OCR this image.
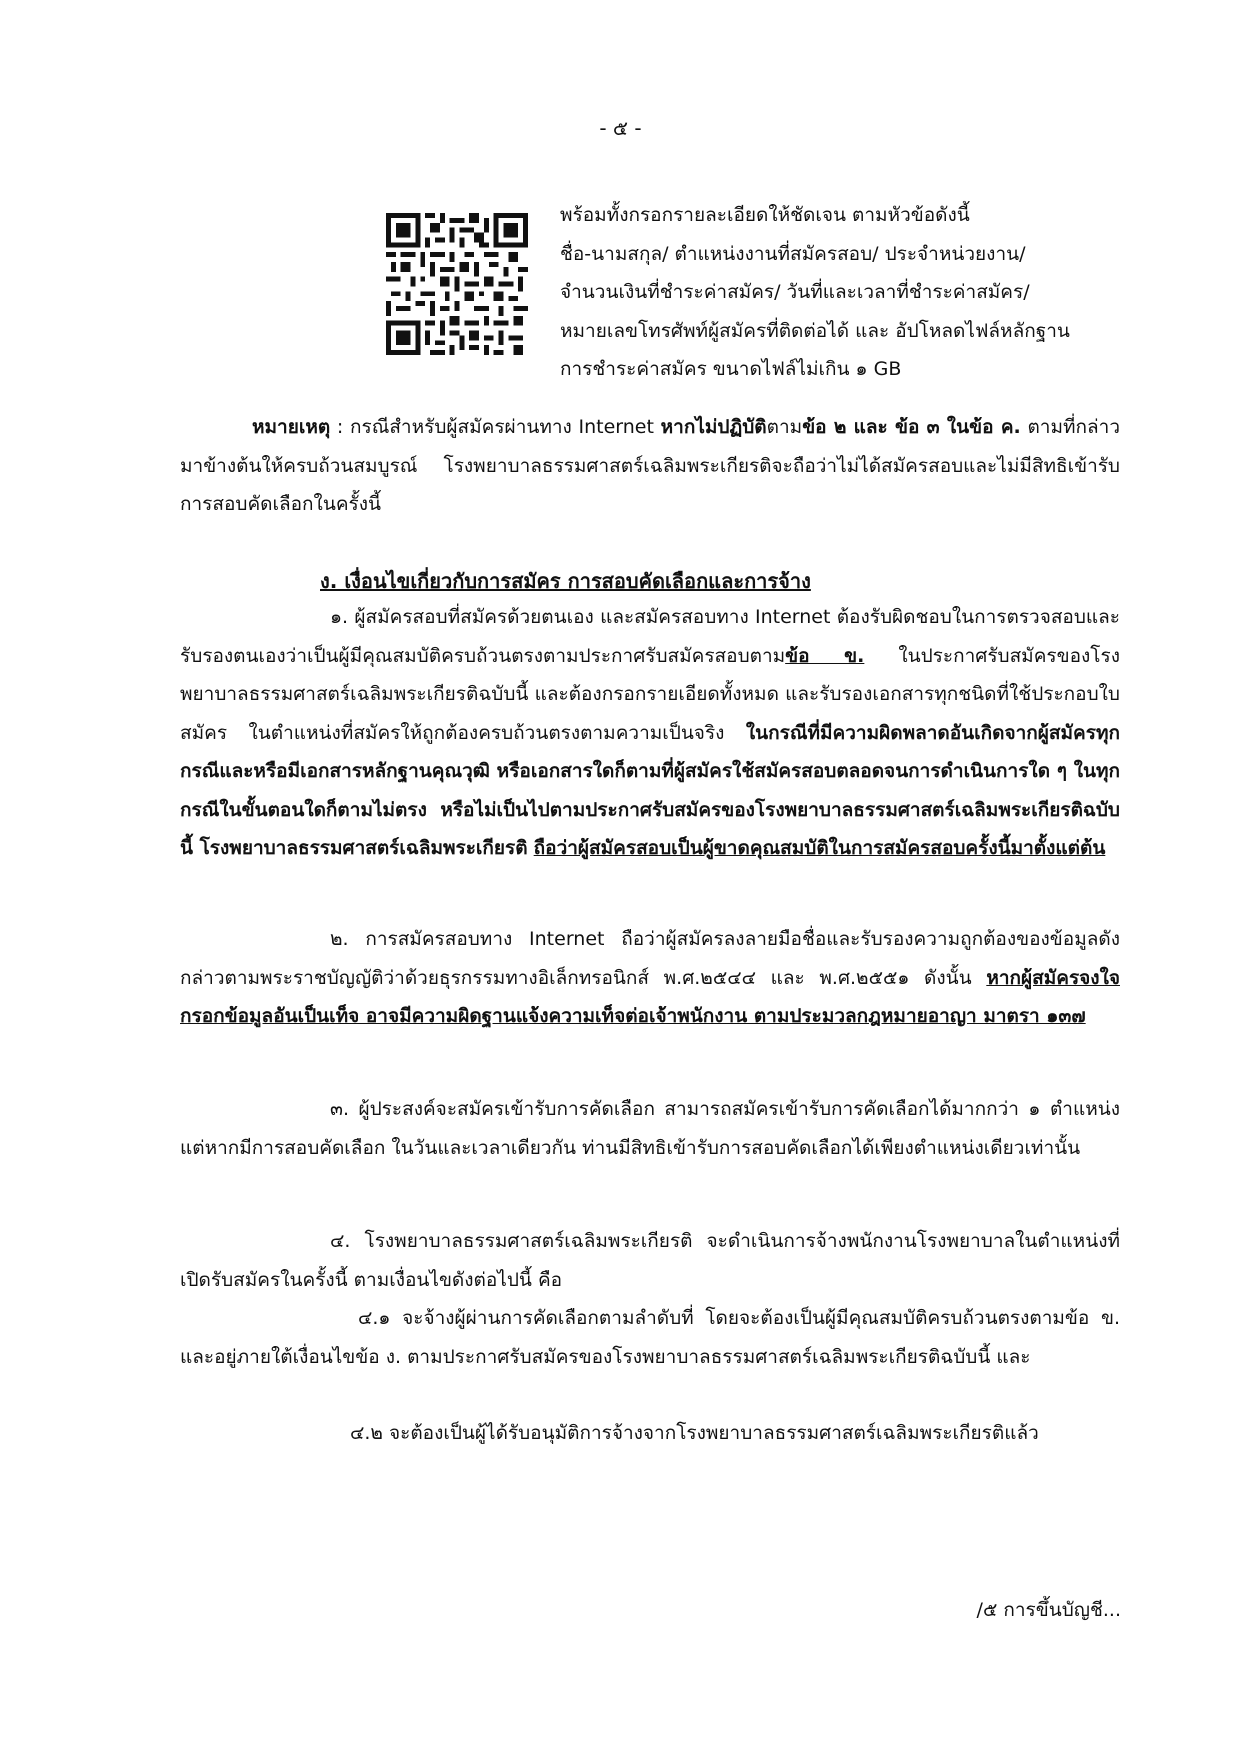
- ๕ -
พร้อมทั้งกรอกรายละเอียดให้ชัดเจน ตามหัวข้อดังนี้
ชื่อ-นามสกุล/ ตำแหน่งงานที่สมัครสอบ/ ประจำหน่วยงาน/
จำนวนเงินที่ชำระค่าสมัคร/ วันที่และเวลาที่ชำระค่าสมัคร/
หมายเลขโทรศัพท์ผู้สมัครที่ติดต่อได้ และ อัปโหลดไฟล์หลักฐาน
การชำระค่าสมัคร ขนาดไฟล์ไม่เกิน ๑ GB
หมายเหตุ : กรณีสำหรับผู้สมัครผ่านทาง Internet หากไม่ปฏิบัติตามข้อ ๒ และ ข้อ ๓ ในข้อ ค. ตามที่กล่าวมาข้างต้นให้ครบถ้วนสมบูรณ์ โรงพยาบาลธรรมศาสตร์เฉลิมพระเกียรติจะถือว่าไม่ได้สมัครสอบและไม่มีสิทธิเข้ารับการสอบคัดเลือกในครั้งนี้
ง. เงื่อนไขเกี่ยวกับการสมัคร การสอบคัดเลือกและการจ้าง
๑. ผู้สมัครสอบที่สมัครด้วยตนเอง และสมัครสอบทาง Internet ต้องรับผิดชอบในการตรวจสอบและรับรองตนเองว่าเป็นผู้มีคุณสมบัติครบถ้วนตรงตามประกาศรับสมัครสอบตามข้อ ข. ในประกาศรับสมัครของโรงพยาบาลธรรมศาสตร์เฉลิมพระเกียรติฉบับนี้ และต้องกรอกรายเอียดทั้งหมด และรับรองเอกสารทุกชนิดที่ใช้ประกอบใบสมัคร ในตำแหน่งที่สมัครให้ถูกต้องครบถ้วนตรงตามความเป็นจริง ในกรณีที่มีความผิดพลาดอันเกิดจากผู้สมัครทุกกรณีและหรือมีเอกสารหลักฐานคุณวุฒิ หรือเอกสารใดก็ตามที่ผู้สมัครใช้สมัครสอบตลอดจนการดำเนินการใด ๆ ในทุกกรณีในขั้นตอนใดก็ตามไม่ตรง หรือไม่เป็นไปตามประกาศรับสมัครของโรงพยาบาลธรรมศาสตร์เฉลิมพระเกียรติฉบับนี้ โรงพยาบาลธรรมศาสตร์เฉลิมพระเกียรติ ถือว่าผู้สมัครสอบเป็นผู้ขาดคุณสมบัติในการสมัครสอบครั้งนี้มาตั้งแต่ต้น
๒. การสมัครสอบทาง Internet ถือว่าผู้สมัครลงลายมือชื่อและรับรองความถูกต้องของข้อมูลดังกล่าวตามพระราชบัญญัติว่าด้วยธุรกรรมทางอิเล็กทรอนิกส์ พ.ศ.๒๕๔๔ และ พ.ศ.๒๕๕๑ ดังนั้น หากผู้สมัครจงใจกรอกข้อมูลอันเป็นเท็จ อาจมีความผิดฐานแจ้งความเท็จต่อเจ้าพนักงาน ตามประมวลกฎหมายอาญา มาตรา ๑๓๗
๓. ผู้ประสงค์จะสมัครเข้ารับการคัดเลือก สามารถสมัครเข้ารับการคัดเลือกได้มากกว่า ๑ ตำแหน่ง แต่หากมีการสอบคัดเลือก ในวันและเวลาเดียวกัน ท่านมีสิทธิเข้ารับการสอบคัดเลือกได้เพียงตำแหน่งเดียวเท่านั้น
๔. โรงพยาบาลธรรมศาสตร์เฉลิมพระเกียรติ จะดำเนินการจ้างพนักงานโรงพยาบาลในตำแหน่งที่เปิดรับสมัครในครั้งนี้ ตามเงื่อนไขดังต่อไปนี้ คือ
๔.๑ จะจ้างผู้ผ่านการคัดเลือกตามลำดับที่ โดยจะต้องเป็นผู้มีคุณสมบัติครบถ้วนตรงตามข้อ ข. และอยู่ภายใต้เงื่อนไขข้อ ง. ตามประกาศรับสมัครของโรงพยาบาลธรรมศาสตร์เฉลิมพระเกียรติฉบับนี้ และ
๔.๒ จะต้องเป็นผู้ได้รับอนุมัติการจ้างจากโรงพยาบาลธรรมศาสตร์เฉลิมพระเกียรติแล้ว
/๕ การขึ้นบัญชี...
